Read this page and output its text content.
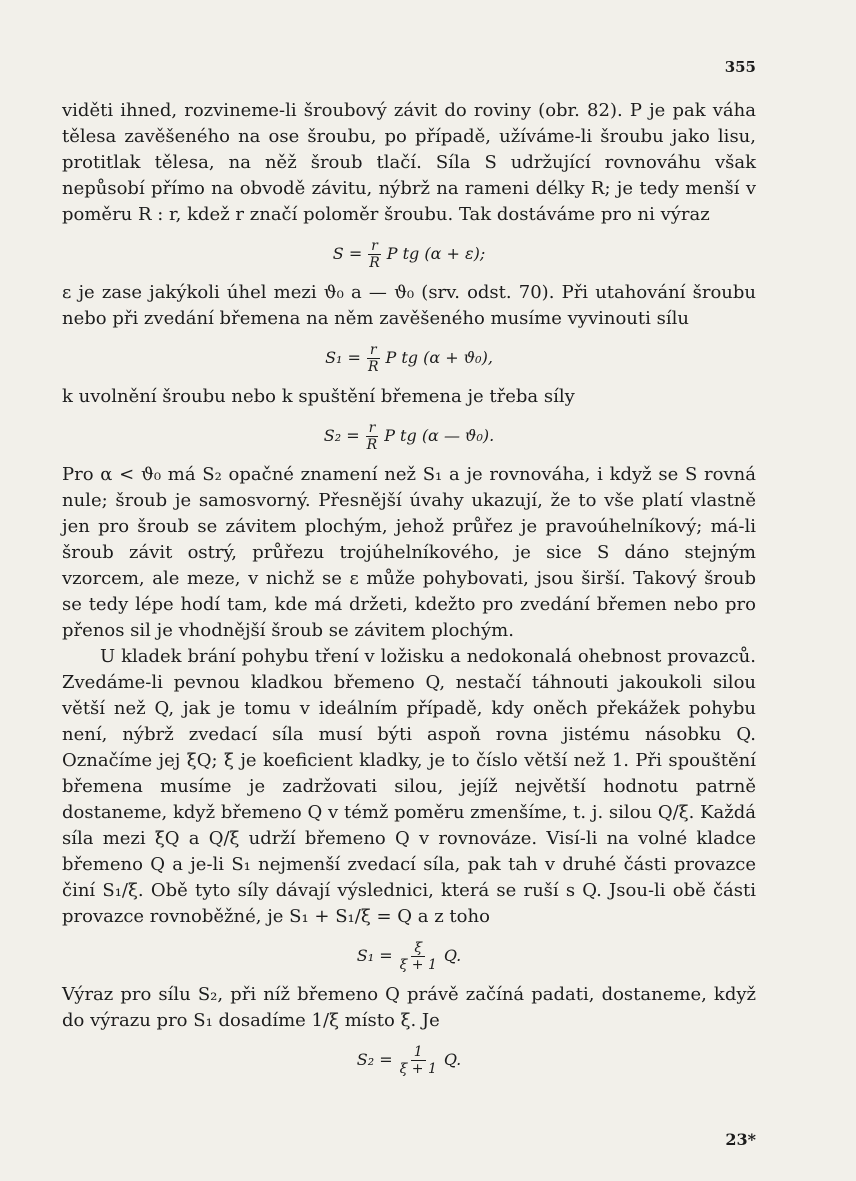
355

viděti ihned, rozvineme-li šroubový závit do roviny (obr. 82). P je pak váha tělesa zavěšeného na ose šroubu, po případě, užíváme-li šroubu jako lisu, protitlak tělesa, na něž šroub tlačí. Síla S udržující rovnováhu však nepůsobí přímo na obvodě závitu, nýbrž na rameni délky R; je tedy menší v poměru R : r, kdež r značí poloměr šroubu. Tak dostáváme pro ni výraz

$S = \frac{r}{R}$ P tg (α + ε);

ε je zase jakýkoli úhel mezi ϑ₀ a — ϑ₀ (srv. odst. 70). Při utahování šroubu nebo při zvedání břemena na něm zavěšeného musíme vyvinouti sílu

$S_1 = \frac{r}{R}$ P tg (α + ϑ₀),

k uvolnění šroubu nebo k spuštění břemena je třeba síly

$S_2 = \frac{r}{R}$ P tg (α — ϑ₀).

Pro α < ϑ₀ má S₂ opačné znamení než S₁ a je rovnováha, i když se S rovná nule; šroub je samosvorný. Přesnější úvahy ukazují, že to vše platí vlastně jen pro šroub se závitem plochým, jehož průřez je pravoúhelníkový; má-li šroub závit ostrý, průřezu trojúhelníkového, je sice S dáno stejným vzorcem, ale meze, v nichž se ε může pohybovati, jsou širší. Takový šroub se tedy lépe hodí tam, kde má držeti, kdežto pro zvedání břemen nebo pro přenos sil je vhodnější šroub se závitem plochým.

U kladek brání pohybu tření v ložisku a nedokonalá ohebnost provazců. Zvedáme-li pevnou kladkou břemeno Q, nestačí táhnouti jakoukoli silou větší než Q, jak je tomu v ideálním případě, kdy oněch překážek pohybu není, nýbrž zvedací síla musí býti aspoň rovna jistému násobku Q. Označíme jej ξQ; ξ je koeficient kladky, je to číslo větší než 1. Při spouštění břemena musíme je zadržovati silou, jejíž největší hodnotu patrně dostaneme, když břemeno Q v témž poměru zmenšíme, t. j. silou Q/ξ. Každá síla mezi ξQ a Q/ξ udrží břemeno Q v rovnováze. Visí-li na volné kladce břemeno Q a je-li S₁ nejmenší zvedací síla, pak tah v druhé části provazce činí S₁/ξ. Obě tyto síly dávají výslednici, která se ruší s Q. Jsou-li obě části provazce rovnoběžné, je S₁ + S₁/ξ = Q a z toho

$S_1 = \frac{\xi}{\xi + 1} Q$.

Výraz pro sílu S₂, při níž břemeno Q právě začíná padati, dostaneme, když do výrazu pro S₁ dosadíme 1/ξ místo ξ. Je

$S_2 = \frac{1}{\xi + 1} Q$.
23*
